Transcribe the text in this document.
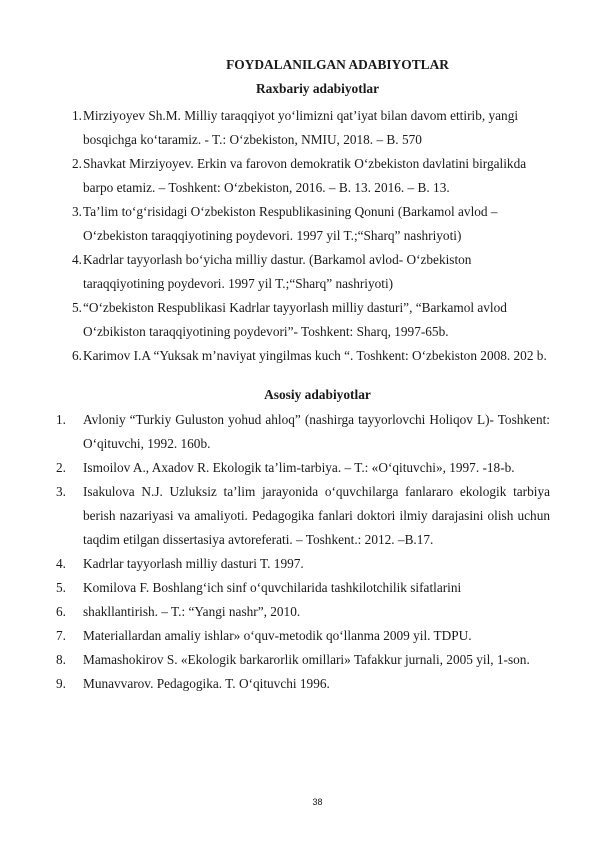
FOYDALANILGAN ADABIYOTLAR
Raxbariy adabiyotlar
1 . Mirziyoyev Sh.M. Milliy taraqqiyot yo‘limizni qat’iyat bilan davom ettirib, yangi bosqichga ko‘taramiz. - T.: O‘zbekiston, NMIU, 2018. – B. 570
2 . Shavkat Mirziyoyev. Erkin va farovon demokratik O‘zbekiston davlatini birgalikda barpo etamiz. – Toshkent: O‘zbekiston, 2016. – B. 13. 2016. – B. 13.
3 . Ta’lim to‘g‘risidagi O‘zbekiston Respublikasining Qonuni (Barkamol avlod – O‘zbekiston taraqqiyotining poydevori. 1997 yil T.;“Sharq” nashriyoti)
4 . Kadrlar tayyorlash bo‘yicha milliy dastur. (Barkamol avlod- O‘zbekiston taraqqiyotining poydevori. 1997 yil T.;“Sharq” nashriyoti)
5 . “O‘zbekiston Respublikasi Kadrlar tayyorlash milliy dasturi”, “Barkamol avlod O‘zbikiston taraqqiyotining poydevori”- Toshkent: Sharq, 1997-65b.
6 . Karimov I.A “Yuksak m’naviyat yingilmas kuch “. Toshkent: O‘zbekiston 2008. 202 b.
Asosiy adabiyotlar
1 . Avloniy “Turkiy Guluston yohud ahloq” (nashirga tayyorlovchi Holiqov L)- Toshkent: O‘qituvchi, 1992. 160b.
2 . Ismoilov A., Axadov R. Ekologik ta’lim-tarbiya. – T.: «O‘qituvchi», 1997. -18-b.
3 . Isakulova N.J. Uzluksiz ta’lim jarayonida o‘quvchilarga fanlararo ekologik tarbiya berish nazariyasi va amaliyoti. Pedagogika fanlari doktori ilmiy darajasini olish uchun taqdim etilgan dissertasiya avtoreferati. – Toshkent.: 2012. –B.17.
4 . Kadrlar tayyorlash milliy dasturi T. 1997.
5 . Komilova F. Boshlang‘ich sinf o‘quvchilarida tashkilotchilik sifatlarini
6 . shakllantirish. – T.: “Yangi nashr”, 2010.
7 . Materiallardan amaliy ishlar» o‘quv-metodik qo‘llanma 2009 yil. TDPU.
8 . Mamashokirov S. «Ekologik barkarorlik omillari» Tafakkur jurnali, 2005 yil, 1-son.
9 . Munavvarov. Pedagogika. T. O‘qituvchi 1996.
38
